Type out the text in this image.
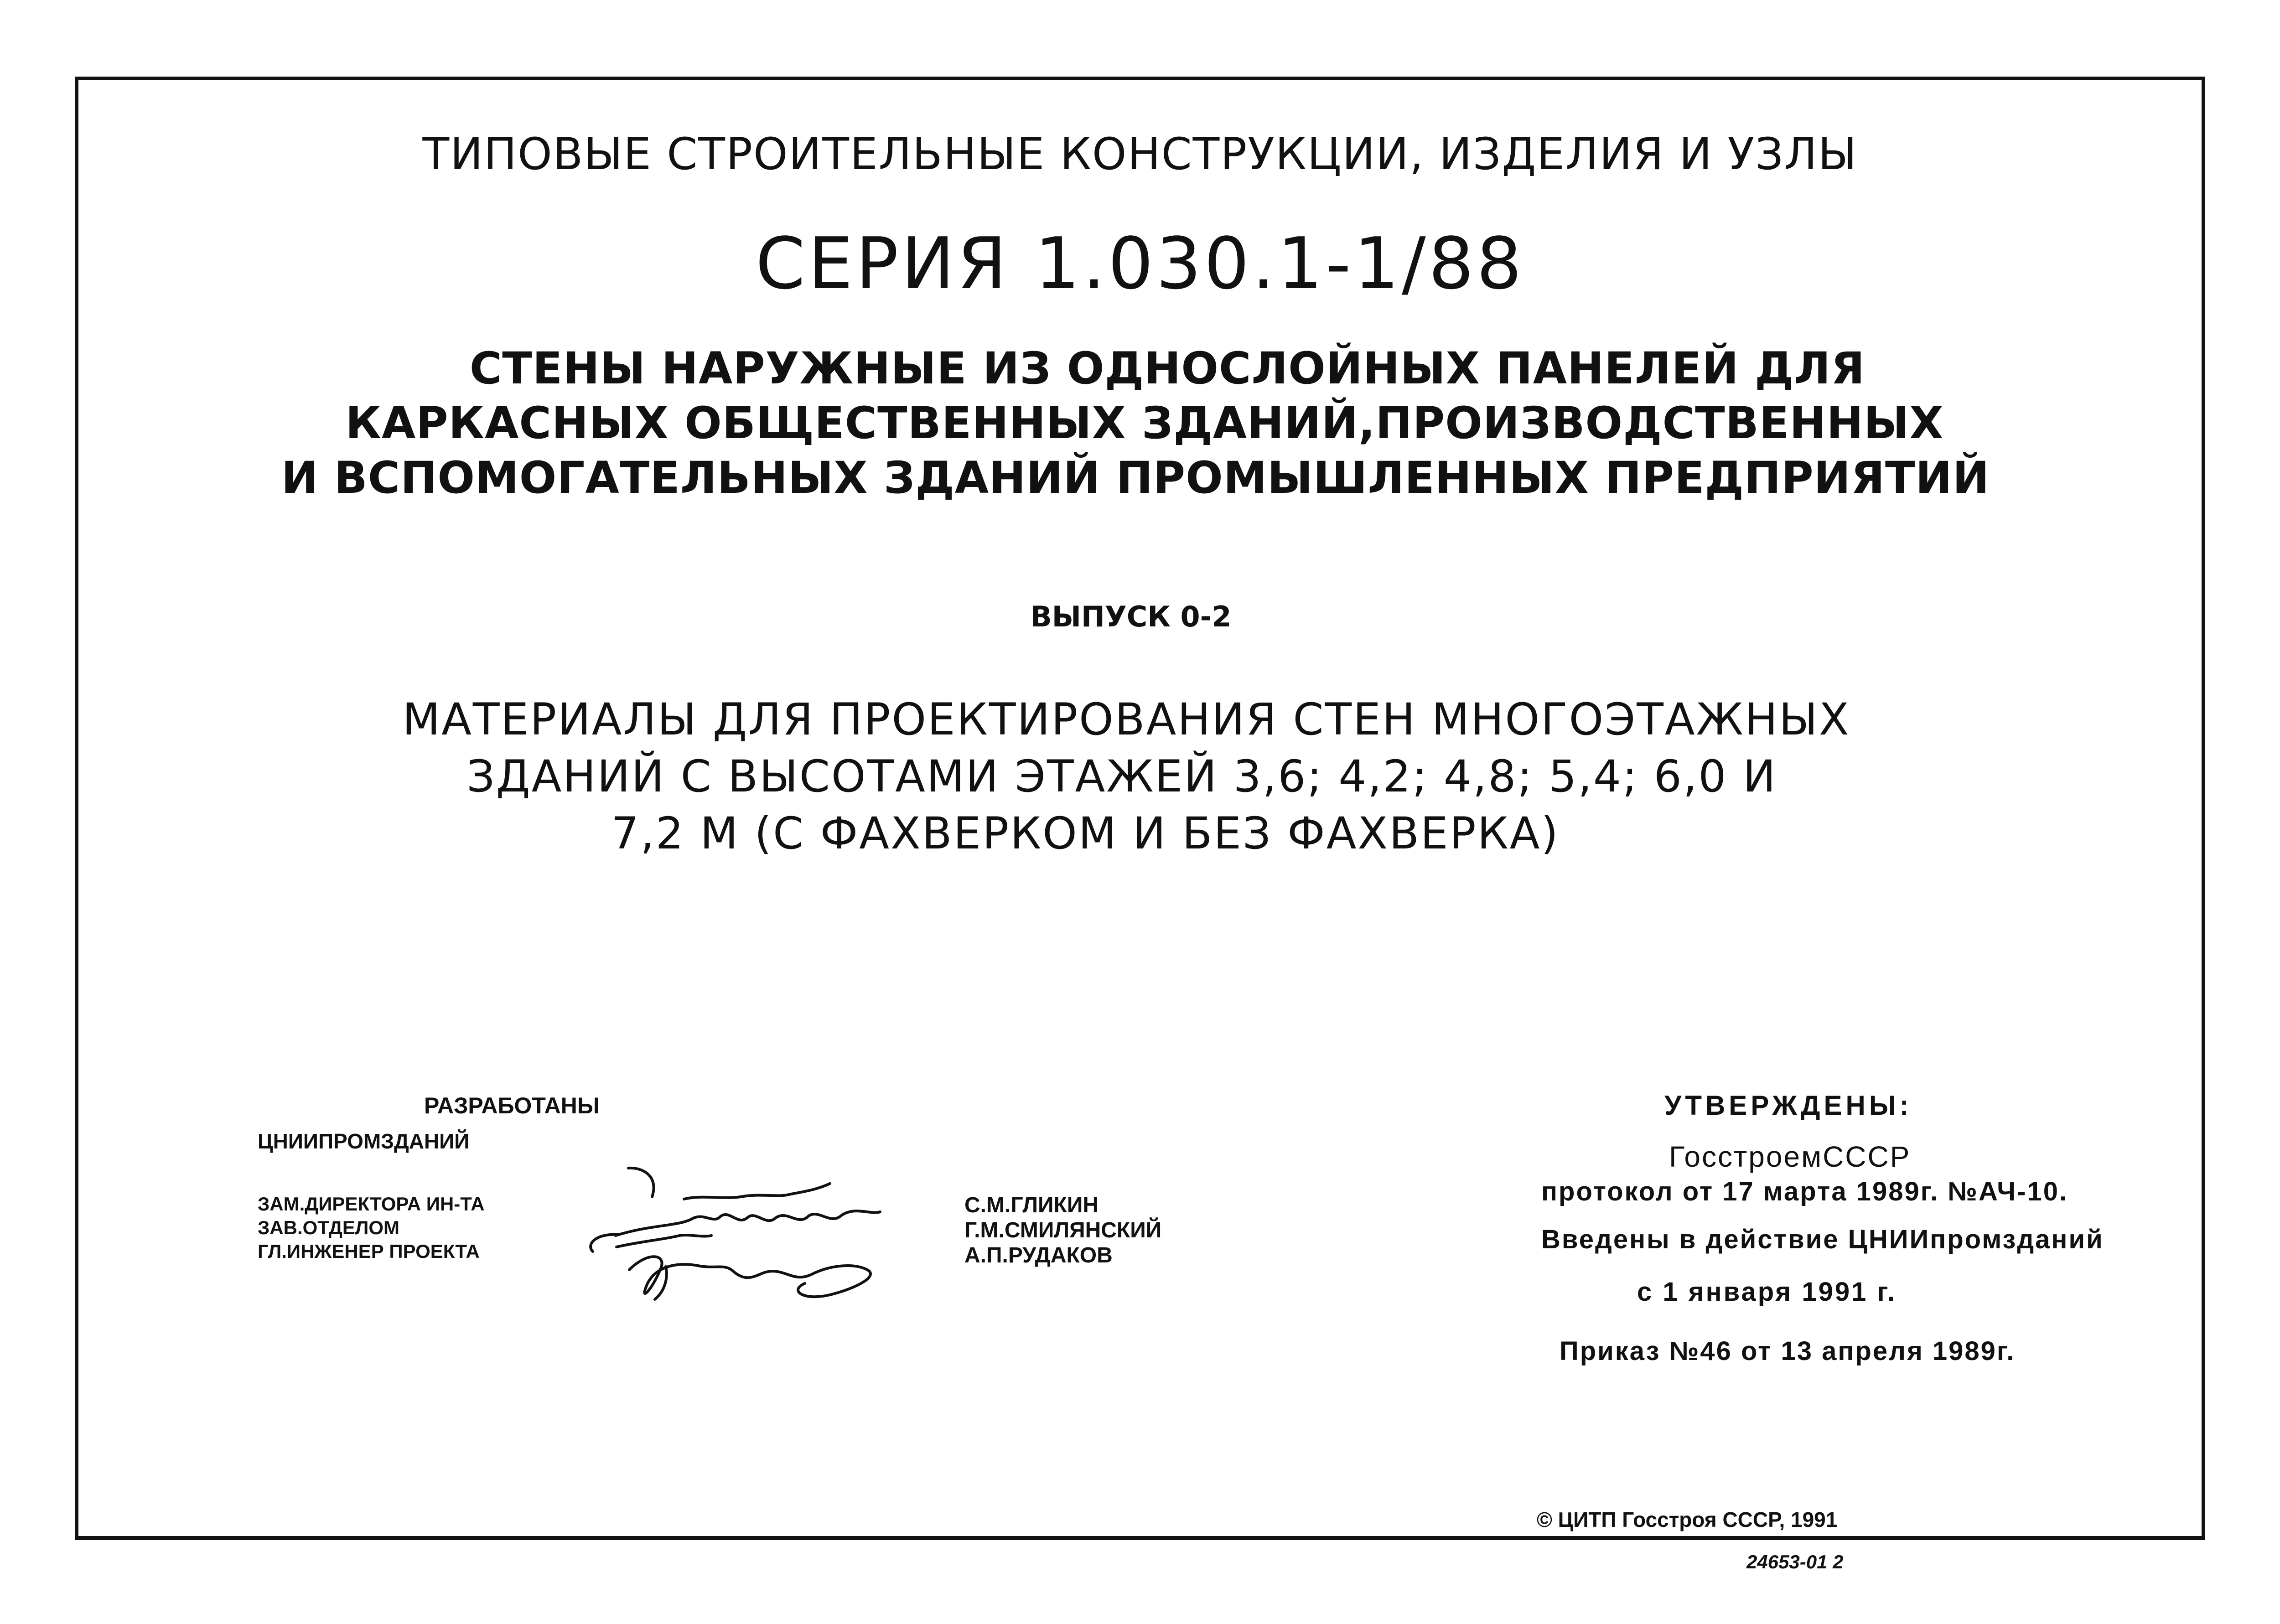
ТИПОВЫЕ СТРОИТЕЛЬНЫЕ КОНСТРУКЦИИ, ИЗДЕЛИЯ И УЗЛЫ
СЕРИЯ 1.030.1-1/88
СТЕНЫ НАРУЖНЫЕ ИЗ ОДНОСЛОЙНЫХ ПАНЕЛЕЙ ДЛЯ
КАРКАСНЫХ ОБЩЕСТВЕННЫХ ЗДАНИЙ,ПРОИЗВОДСТВЕННЫХ
И ВСПОМОГАТЕЛЬНЫХ ЗДАНИЙ ПРОМЫШЛЕННЫХ ПРЕДПРИЯТИЙ
ВЫПУСК 0-2
МАТЕРИАЛЫ ДЛЯ ПРОЕКТИРОВАНИЯ СТЕН МНОГОЭТАЖНЫХ
ЗДАНИЙ С ВЫСОТАМИ ЭТАЖЕЙ 3,6; 4,2; 4,8; 5,4; 6,0 И
7,2 М (С ФАХВЕРКОМ И БЕЗ ФАХВЕРКА)
РАЗРАБОТАНЫ
ЦНИИПРОМЗДАНИЙ
ЗАМ.ДИРЕКТОРА ИН-ТА
ЗАВ.ОТДЕЛОМ
ГЛ.ИНЖЕНЕР ПРОЕКТА
С.М.ГЛИКИН
Г.М.СМИЛЯНСКИЙ
А.П.РУДАКОВ
УТВЕРЖДЕНЫ:
ГосстроемСССР
протокол от 17 марта 1989г. №АЧ-10.
Введены в действие ЦНИИпромзданий
с 1 января 1991 г.
Приказ №46 от 13 апреля 1989г.
© ЦИТП Госстроя СССР, 1991
24653-01 2
